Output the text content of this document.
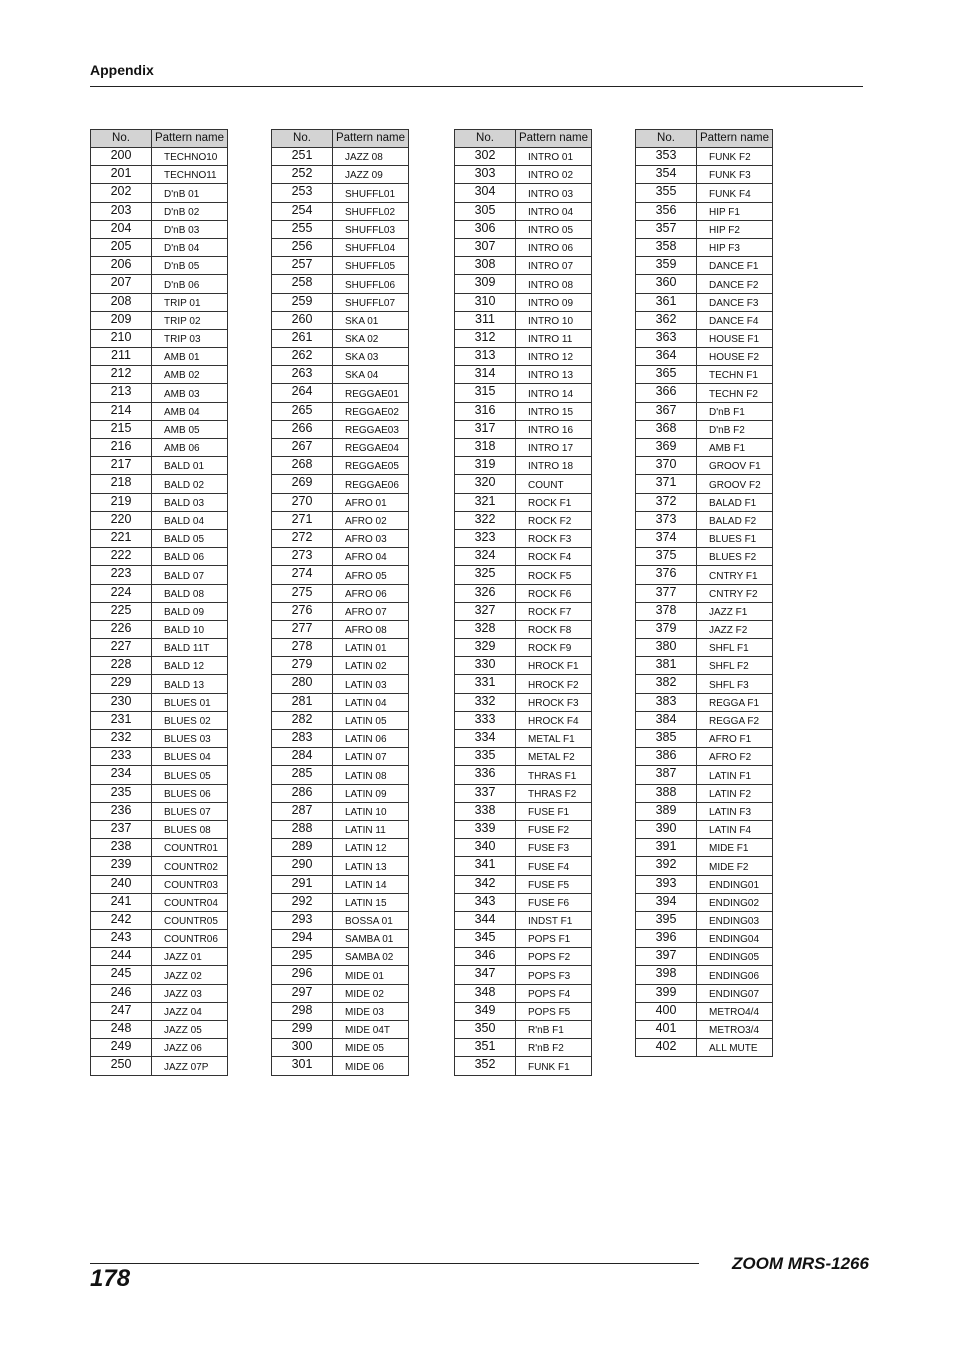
Appendix
No.	Pattern name
200	TECHNO10
201	TECHNO11
202	D'nB 01
203	D'nB 02
204	D'nB 03
205	D'nB 04
206	D'nB 05
207	D'nB 06
208	TRIP 01
209	TRIP 02
210	TRIP 03
211	AMB 01
212	AMB 02
213	AMB 03
214	AMB 04
215	AMB 05
216	AMB 06
217	BALD 01
218	BALD 02
219	BALD 03
220	BALD 04
221	BALD 05
222	BALD 06
223	BALD 07
224	BALD 08
225	BALD 09
226	BALD 10
227	BALD 11T
228	BALD 12
229	BALD 13
230	BLUES 01
231	BLUES 02
232	BLUES 03
233	BLUES 04
234	BLUES 05
235	BLUES 06
236	BLUES 07
237	BLUES 08
238	COUNTR01
239	COUNTR02
240	COUNTR03
241	COUNTR04
242	COUNTR05
243	COUNTR06
244	JAZZ 01
245	JAZZ 02
246	JAZZ 03
247	JAZZ 04
248	JAZZ 05
249	JAZZ 06
250	JAZZ 07P
No.	Pattern name
251	JAZZ 08
252	JAZZ 09
253	SHUFFL01
254	SHUFFL02
255	SHUFFL03
256	SHUFFL04
257	SHUFFL05
258	SHUFFL06
259	SHUFFL07
260	SKA 01
261	SKA 02
262	SKA 03
263	SKA 04
264	REGGAE01
265	REGGAE02
266	REGGAE03
267	REGGAE04
268	REGGAE05
269	REGGAE06
270	AFRO 01
271	AFRO 02
272	AFRO 03
273	AFRO 04
274	AFRO 05
275	AFRO 06
276	AFRO 07
277	AFRO 08
278	LATIN 01
279	LATIN 02
280	LATIN 03
281	LATIN 04
282	LATIN 05
283	LATIN 06
284	LATIN 07
285	LATIN 08
286	LATIN 09
287	LATIN 10
288	LATIN 11
289	LATIN 12
290	LATIN 13
291	LATIN 14
292	LATIN 15
293	BOSSA 01
294	SAMBA 01
295	SAMBA 02
296	MIDE 01
297	MIDE 02
298	MIDE 03
299	MIDE 04T
300	MIDE 05
301	MIDE 06
No.	Pattern name
302	INTRO 01
303	INTRO 02
304	INTRO 03
305	INTRO 04
306	INTRO 05
307	INTRO 06
308	INTRO 07
309	INTRO 08
310	INTRO 09
311	INTRO 10
312	INTRO 11
313	INTRO 12
314	INTRO 13
315	INTRO 14
316	INTRO 15
317	INTRO 16
318	INTRO 17
319	INTRO 18
320	COUNT
321	ROCK F1
322	ROCK F2
323	ROCK F3
324	ROCK F4
325	ROCK F5
326	ROCK F6
327	ROCK F7
328	ROCK F8
329	ROCK F9
330	HROCK F1
331	HROCK F2
332	HROCK F3
333	HROCK F4
334	METAL F1
335	METAL F2
336	THRAS F1
337	THRAS F2
338	FUSE F1
339	FUSE F2
340	FUSE F3
341	FUSE F4
342	FUSE F5
343	FUSE F6
344	INDST F1
345	POPS F1
346	POPS F2
347	POPS F3
348	POPS F4
349	POPS F5
350	R'nB F1
351	R'nB F2
352	FUNK F1
No.	Pattern name
353	FUNK F2
354	FUNK F3
355	FUNK F4
356	HIP F1
357	HIP F2
358	HIP F3
359	DANCE F1
360	DANCE F2
361	DANCE F3
362	DANCE F4
363	HOUSE F1
364	HOUSE F2
365	TECHN F1
366	TECHN F2
367	D'nB F1
368	D'nB F2
369	AMB F1
370	GROOV F1
371	GROOV F2
372	BALAD F1
373	BALAD F2
374	BLUES F1
375	BLUES F2
376	CNTRY F1
377	CNTRY F2
378	JAZZ F1
379	JAZZ F2
380	SHFL F1
381	SHFL F2
382	SHFL F3
383	REGGA F1
384	REGGA F2
385	AFRO F1
386	AFRO F2
387	LATIN F1
388	LATIN F2
389	LATIN F3
390	LATIN F4
391	MIDE F1
392	MIDE F2
393	ENDING01
394	ENDING02
395	ENDING03
396	ENDING04
397	ENDING05
398	ENDING06
399	ENDING07
400	METRO4/4
401	METRO3/4
402	ALL MUTE
178
ZOOM MRS-1266
